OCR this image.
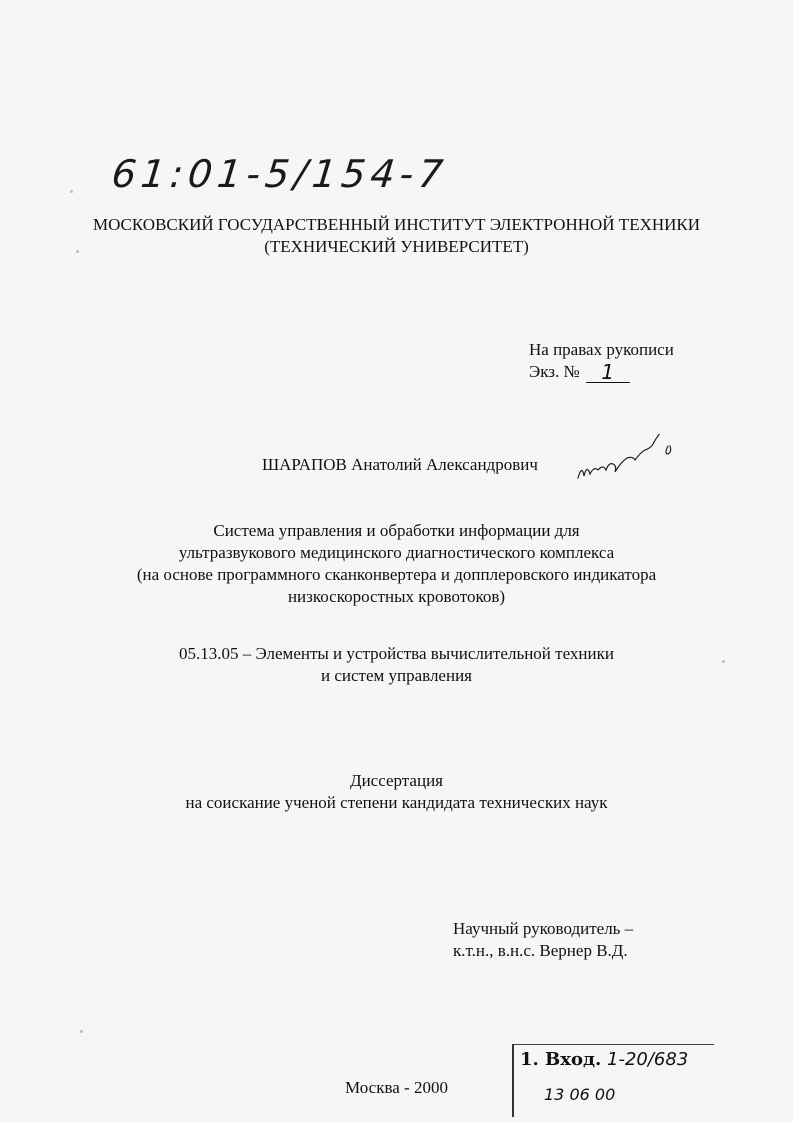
61:01-5/154-7
МОСКОВСКИЙ ГОСУДАРСТВЕННЫЙ ИНСТИТУТ ЭЛЕКТРОННОЙ ТЕХНИКИ
(ТЕХНИЧЕСКИЙ УНИВЕРСИТЕТ)
На правах рукописи
Экз. №	1
ШАРАПОВ Анатолий Александрович
Система управления и обработки информации для
ультразвукового медицинского диагностического комплекса
(на основе программного сканконвертера и допплеровского индикатора
низкоскоростных кровотоков)
05.13.05 – Элементы и устройства вычислительной техники
и систем управления
Диссертация
на соискание ученой степени кандидата технических наук
Научный руководитель –
к.т.н., в.н.с. Вернер В.Д.
Москва - 2000
1. Вход. 1-20/683
13 06 00
